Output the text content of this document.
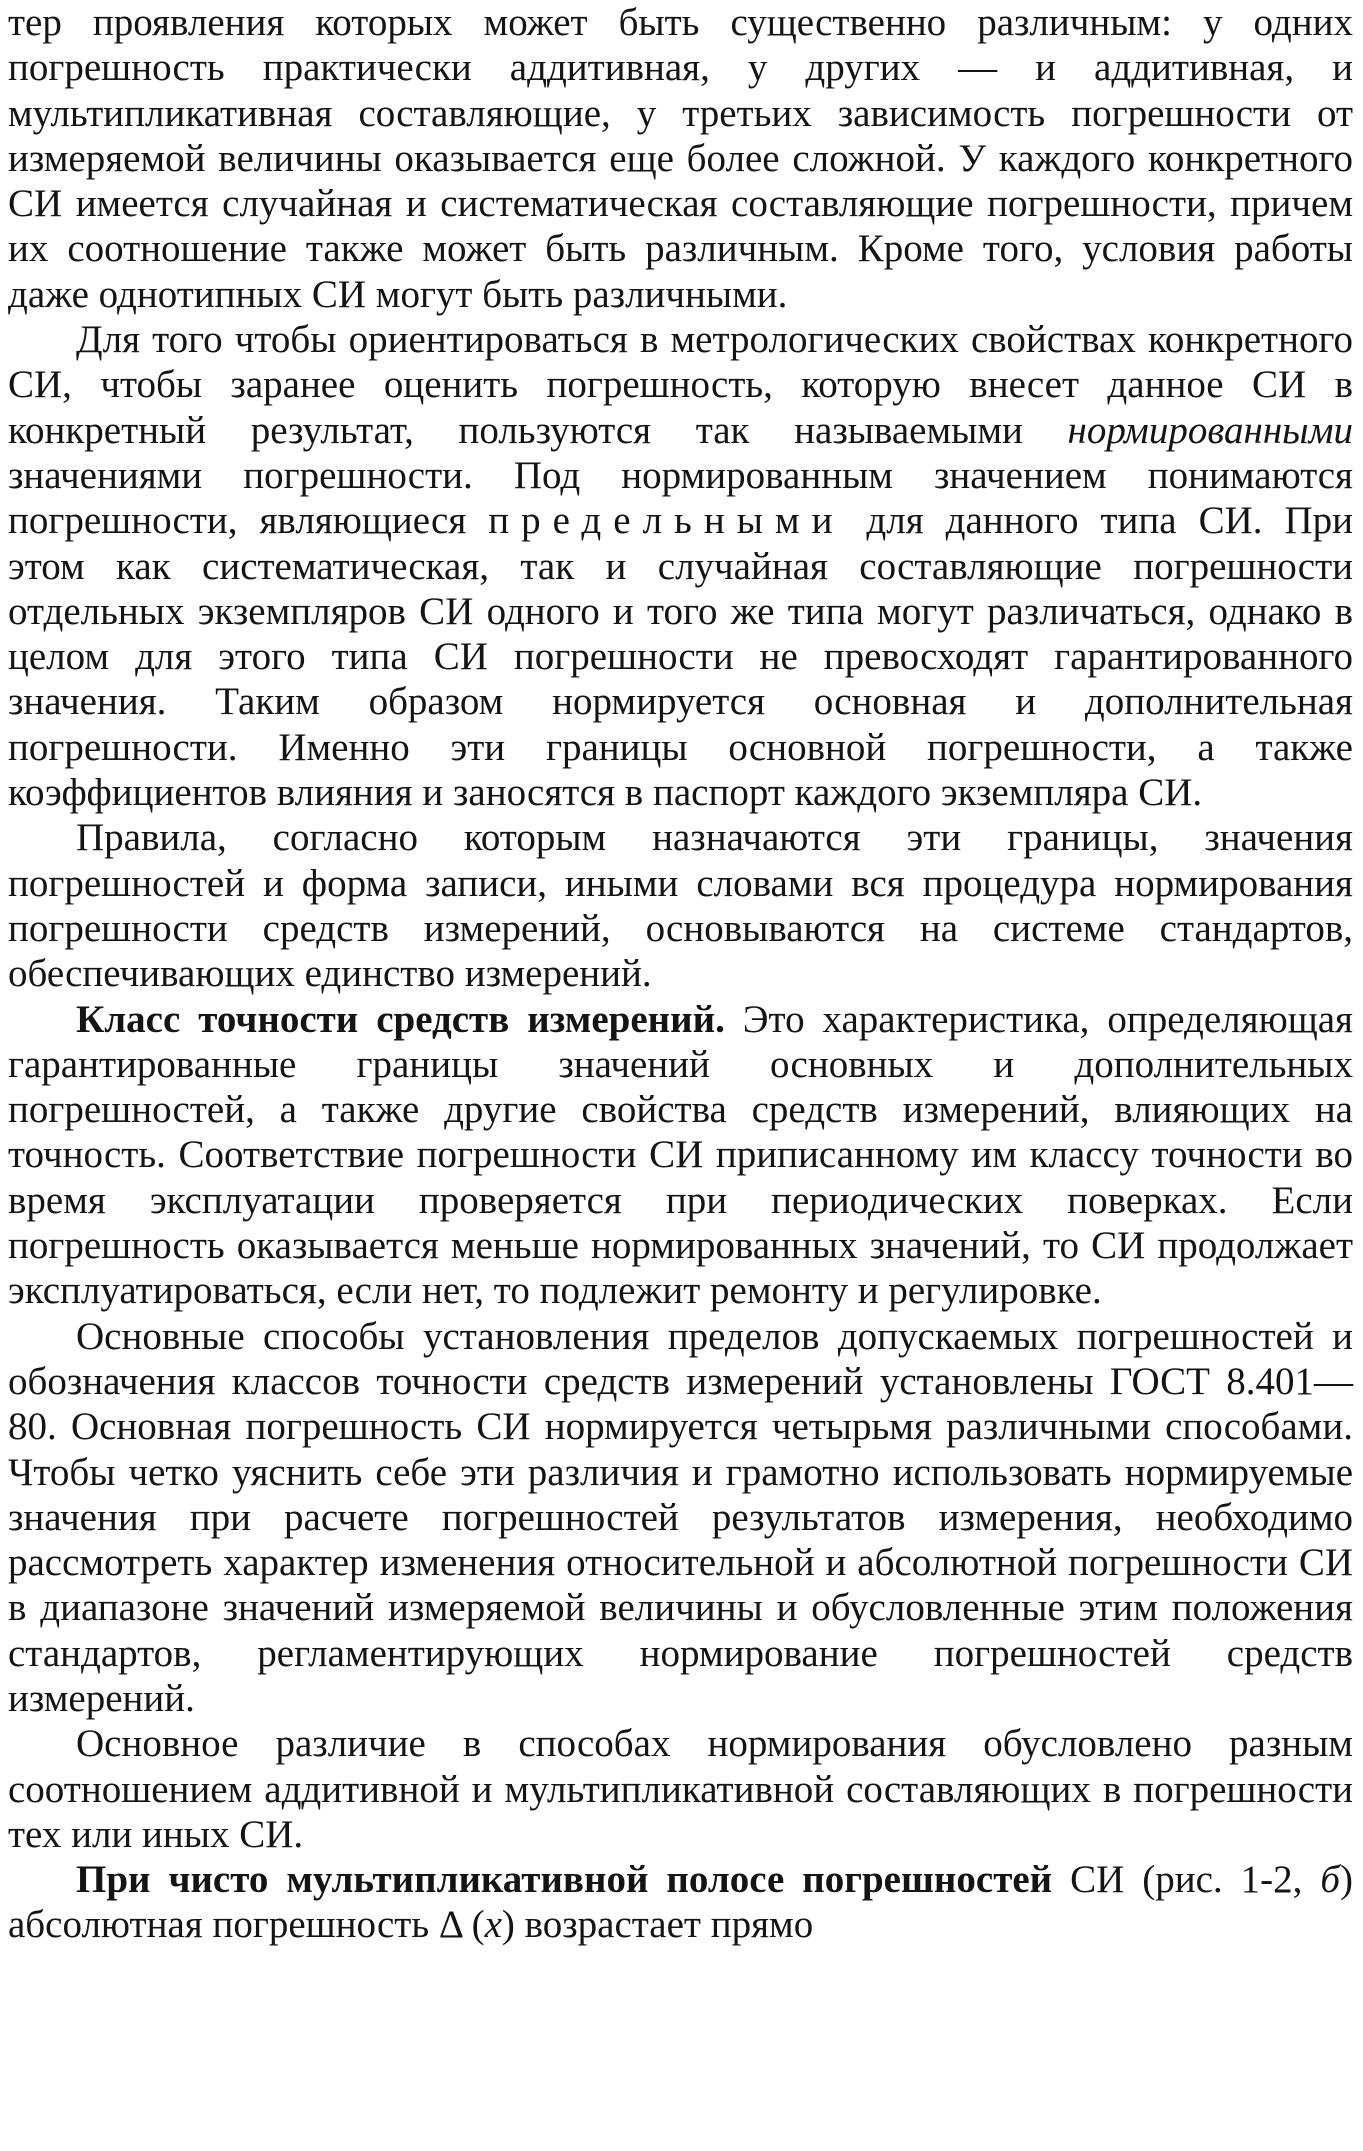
тер проявления которых может быть существенно различным: у одних погрешность практически аддитивная, у других — и аддитивная, и мультипликативная составляющие, у третьих зависимость погрешности от измеряемой величины оказывается еще более сложной. У каждого конкретного СИ имеется случайная и систематическая составляющие погрешности, причем их соотношение также может быть различным. Кроме того, условия работы даже однотипных СИ могут быть различными.

Для того чтобы ориентироваться в метрологических свойствах конкретного СИ, чтобы заранее оценить погрешность, которую внесет данное СИ в конкретный результат, пользуются так называемыми нормированными значениями погрешности. Под нормированным значением понимаются погрешности, являющиеся предельными для данного типа СИ. При этом как систематическая, так и случайная составляющие погрешности отдельных экземпляров СИ одного и того же типа могут различаться, однако в целом для этого типа СИ погрешности не превосходят гарантированного значения. Таким образом нормируется основная и дополнительная погрешности. Именно эти границы основной погрешности, а также коэффициентов влияния и заносятся в паспорт каждого экземпляра СИ.

Правила, согласно которым назначаются эти границы, значения погрешностей и форма записи, иными словами вся процедура нормирования погрешности средств измерений, основываются на системе стандартов, обеспечивающих единство измерений.

Класс точности средств измерений. Это характеристика, определяющая гарантированные границы значений основных и дополнительных погрешностей, а также другие свойства средств измерений, влияющих на точность. Соответствие погрешности СИ приписанному им классу точности во время эксплуатации проверяется при периодических поверках. Если погрешность оказывается меньше нормированных значений, то СИ продолжает эксплуатироваться, если нет, то подлежит ремонту и регулировке.

Основные способы установления пределов допускаемых погрешностей и обозначения классов точности средств измерений установлены ГОСТ 8.401—80. Основная погрешность СИ нормируется четырьмя различными способами. Чтобы четко уяснить себе эти различия и грамотно использовать нормируемые значения при расчете погрешностей результатов измерения, необходимо рассмотреть характер изменения относительной и абсолютной погрешности СИ в диапазоне значений измеряемой величины и обусловленные этим положения стандартов, регламентирующих нормирование погрешностей средств измерений.

Основное различие в способах нормирования обусловлено разным соотношением аддитивной и мультипликативной составляющих в погрешности тех или иных СИ.

При чисто мультипликативной полосе погрешностей СИ (рис. 1-2, б) абсолютная погрешность Δ (x) возрастает прямо
